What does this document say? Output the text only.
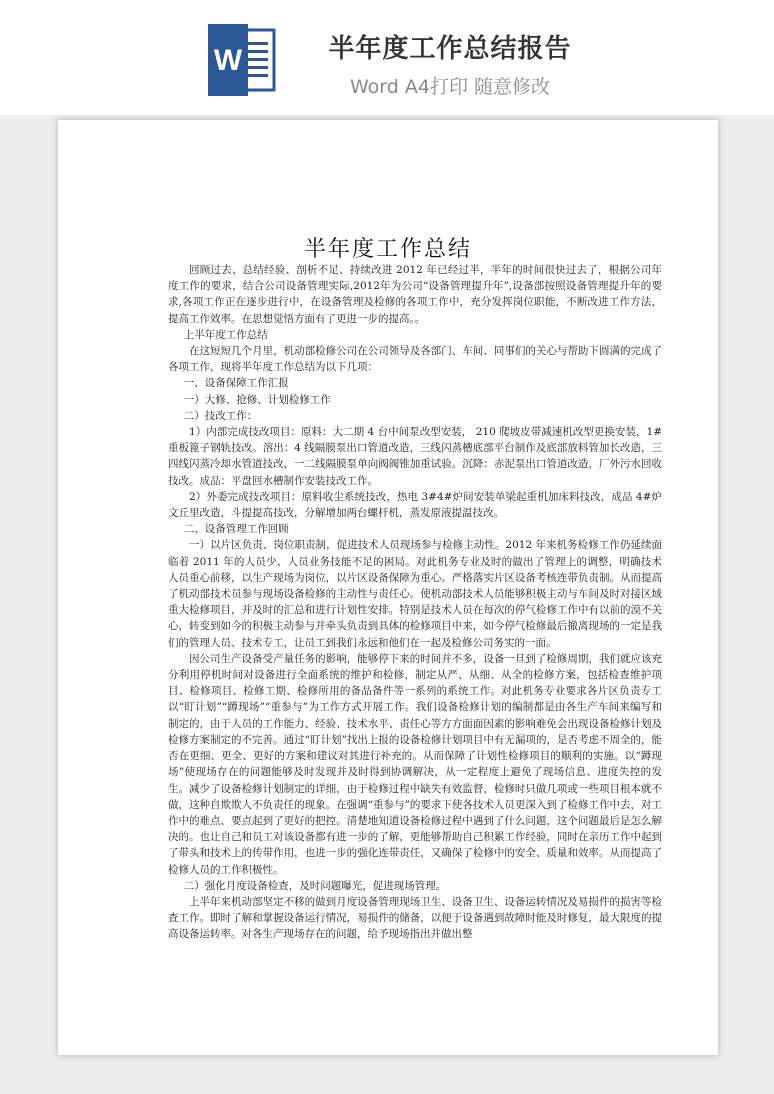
W	半年度工作总结报告
Word A4打印 随意修改
半年度工作总结

回顾过去、总结经验、剖析不足、持续改进 2012 年已经过半，半年的时间很快过去了，根据公司年度工作的要求，结合公司设备管理实际,2012年为公司“设备管理提升年”,设备部按照设备管理提升年的要求,各项工作正在逐步进行中，在设备管理及检修的各项工作中，充分发挥岗位职能，不断改进工作方法，提高工作效率。在思想觉悟方面有了更进一步的提高。。

上半年度工作总结

在这短短几个月里，机动部检修公司在公司领导及各部门、车间、同事们的关心与帮助下圆满的完成了各项工作，现将半年度工作总结为以下几项：

一、设备保障工作汇报

一）大修、抢修、计划检修工作

二）技改工作：

1）内部完成技改项目：原料：大二期 4 台中间泵改型安装， 210 爬坡皮带减速机改型更换安装，1#重板篦子钢轨技改。溶出：4 线隔膜泵出口管道改造，三线闪蒸槽底部平台制作及底部放料管加长改造，三四线闪蒸冷却水管道技改，一二线隔膜泵单向阀阀锥加重试验。沉降：赤泥泵出口管道改造，厂外污水回收技改。成品：平盘回水槽制作安装技改工作。

2）外委完成技改项目：原料收尘系统技改，热电 3#4#炉间安装单梁起重机加床料技改，成品 4#炉文丘里改造，斗提提高技改，分解增加两台螺杆机，蒸发原液提温技改。

二、设备管理工作回顾

一）以片区负责、岗位职责制，促进技术人员现场参与检修主动性。2012 年来机务检修工作仍延续面临着 2011 年的人员少、人员业务技能不足的困局。对此机务专业及时的做出了管理上的调整，明确技术人员重心前移，以生产现场为岗位，以片区设备保障为重心。严格落实片区设备考核连带负责制。从而提高了机动部技术员参与现场设备检修的主动性与责任心。使机动部技术人员能够积极主动与车间及时对接区域重大检修项目，并及时的汇总和进行计划性安排。特别是技术人员在每次的停气检修工作中有以前的漠不关心，转变到如今的积极主动参与并牵头负责到具体的检修项目中来，如今停气检修最后撤离现场的一定是我们的管理人员、技术专工，让员工到我们永远和他们在一起及检修公司务实的一面。

因公司生产设备受产量任务的影响，能够停下来的时间并不多，设备一旦到了检修周期，我们就应该充分利用停机时间对设备进行全面系统的维护和检修，制定从严、从细、从全的检修方案，包括检查维护项目、检修项目、检修工期、检修所用的备品备件等一系列的系统工作。对此机务专业要求各片区负责专工以“盯计划”“蹲现场”“重参与”为工作方式开展工作。我们设备检修计划的编制都是由各生产车间来编写和制定的，由于人员的工作能力、经验、技术水平、责任心等方方面面因素的影响难免会出现设备检修计划及检修方案制定的不完善。通过“盯计划”找出上报的设备检修计划项目中有无漏项的，是否考虑不周全的，能否在更细、更全、更好的方案和建议对其进行补充的。从而保障了计划性检修项目的顺利的实施。以“蹲现场”使现场存在的问题能够及时发现并及时得到协调解决，从一定程度上避免了现场信息、进度失控的发生。减少了设备检修计划制定的详细，由于检修过程中缺失有效监督，检修时只做几项或一些项目根本就不做，这种自欺欺人不负责任的现象。在强调“重参与”的要求下使各技术人员更深入到了检修工作中去，对工作中的难点、要点起到了更好的把控。清楚地知道设备检修过程中遇到了什么问题，这个问题最后是怎么解决的。也让自己和员工对该设备都有进一步的了解，更能够帮助自己积累工作经验，同时在亲历工作中起到了带头和技术上的传带作用，也进一步的强化连带责任，又确保了检修中的安全、质量和效率。从而提高了检修人员的工作积极性。

二）强化月度设备检查，及时问题曝光，促进现场管理。

上半年来机动部坚定不移的做到月度设备管理现场卫生、设备卫生、设备运转情况及易损件的损害等检查工作。即时了解和掌握设备运行情况，易损件的储备，以便于设备遇到故障时能及时修复，最大限度的提高设备运转率。对各生产现场存在的问题，给予现场指出并做出整
